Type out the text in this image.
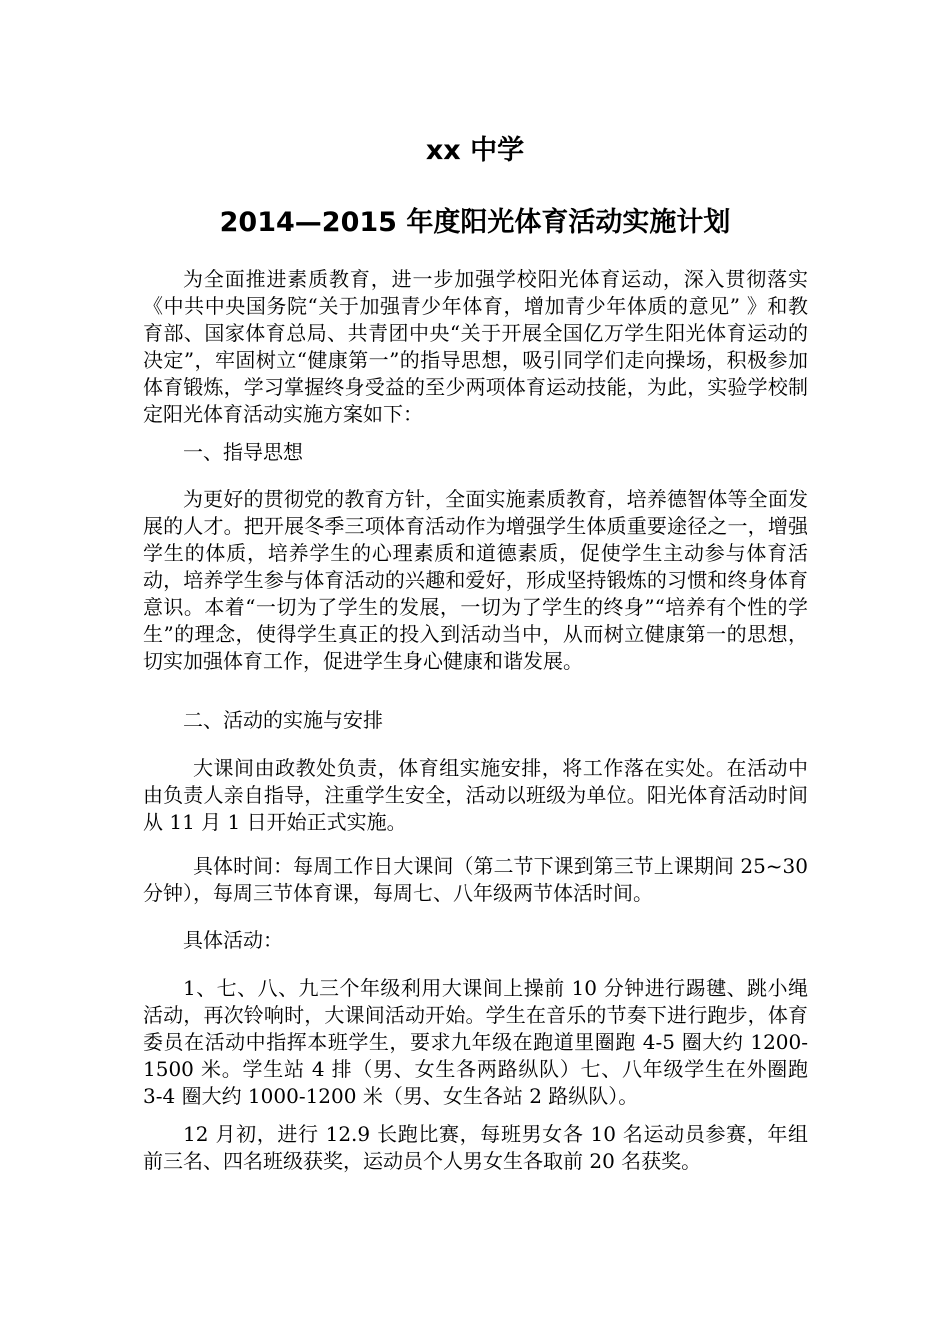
xx 中学
2014—2015 年度阳光体育活动实施计划

为全面推进素质教育，进一步加强学校阳光体育运动，深入贯彻落实《中共中央国务院“关于加强青少年体育，增加青少年体质的意见” 》和教育部、国家体育总局、共青团中央“关于开展全国亿万学生阳光体育运动的决定”，牢固树立“健康第一”的指导思想，吸引同学们走向操场，积极参加体育锻炼，学习掌握终身受益的至少两项体育运动技能，为此，实验学校制定阳光体育活动实施方案如下：

一、指导思想

为更好的贯彻党的教育方针，全面实施素质教育，培养德智体等全面发展的人才。把开展冬季三项体育活动作为增强学生体质重要途径之一，增强学生的体质，培养学生的心理素质和道德素质，促使学生主动参与体育活动，培养学生参与体育活动的兴趣和爱好，形成坚持锻炼的习惯和终身体育意识。本着“一切为了学生的发展，一切为了学生的终身”“培养有个性的学生”的理念，使得学生真正的投入到活动当中，从而树立健康第一的思想，切实加强体育工作，促进学生身心健康和谐发展。

二、活动的实施与安排

大课间由政教处负责，体育组实施安排，将工作落在实处。在活动中由负责人亲自指导，注重学生安全，活动以班级为单位。阳光体育活动时间从 11 月 1 日开始正式实施。

具体时间：每周工作日大课间（第二节下课到第三节上课期间 25~30 分钟），每周三节体育课，每周七、八年级两节体活时间。

具体活动：

1、七、八、九三个年级利用大课间上操前 10 分钟进行踢毽、跳小绳活动，再次铃响时，大课间活动开始。学生在音乐的节奏下进行跑步，体育委员在活动中指挥本班学生，要求九年级在跑道里圈跑 4-5 圈大约 1200-1500 米。学生站 4 排（男、女生各两路纵队）七、八年级学生在外圈跑 3-4 圈大约 1000-1200 米（男、女生各站 2 路纵队）。

12 月初，进行 12.9 长跑比赛，每班男女各 10 名运动员参赛，年组前三名、四名班级获奖，运动员个人男女生各取前 20 名获奖。
